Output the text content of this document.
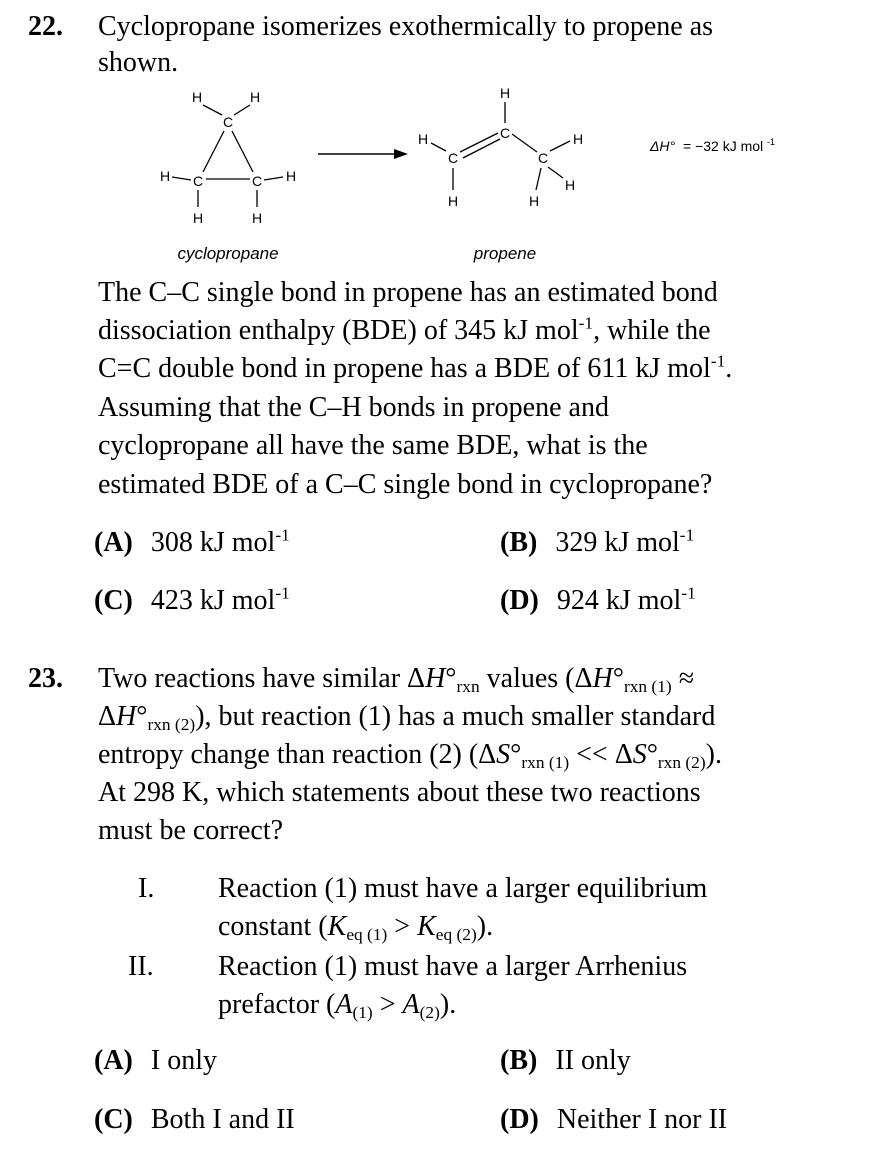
22. Cyclopropane isomerizes exothermically to propene as
shown.
H	H
C
H C	C H
H	H
H
C
H
C	C
H
H
H	H
ΔH° = −32 kJ mol $^{-1}$
cyclopropane	propene
The C–C single bond in propene has an estimated bond
dissociation enthalpy (BDE) of 345 kJ mol$^{-1}$, while the
C=C double bond in propene has a BDE of 611 kJ mol$^{-1}$.
Assuming that the C–H bonds in propene and
cyclopropane all have the same BDE, what is the
estimated BDE of a C–C single bond in cyclopropane?
(A) 308 kJ mol$^{-1}$	(B) 329 kJ mol$^{-1}$
(C) 423 kJ mol$^{-1}$	(D) 924 kJ mol$^{-1}$
23. Two reactions have similar $\Delta H^\circ_{rxn}$ values ($\Delta H^\circ_{rxn (1)}$ ≈
$\Delta H^\circ_{rxn (2)}$), but reaction (1) has a much smaller standard
entropy change than reaction (2) $(\Delta S^\circ_{rxn (1)} << \Delta S^\circ_{rxn (2)})$.
At 298 K, which statements about these two reactions
must be correct?
I. Reaction (1) must have a larger equilibrium
constant $(K_{eq (1)} > K_{eq (2)})$.
II. Reaction (1) must have a larger Arrhenius
prefactor $(A_{(1)} > A_{(2)})$.
(A) I only	(B) II only
(C) Both I and II	(D) Neither I nor II
